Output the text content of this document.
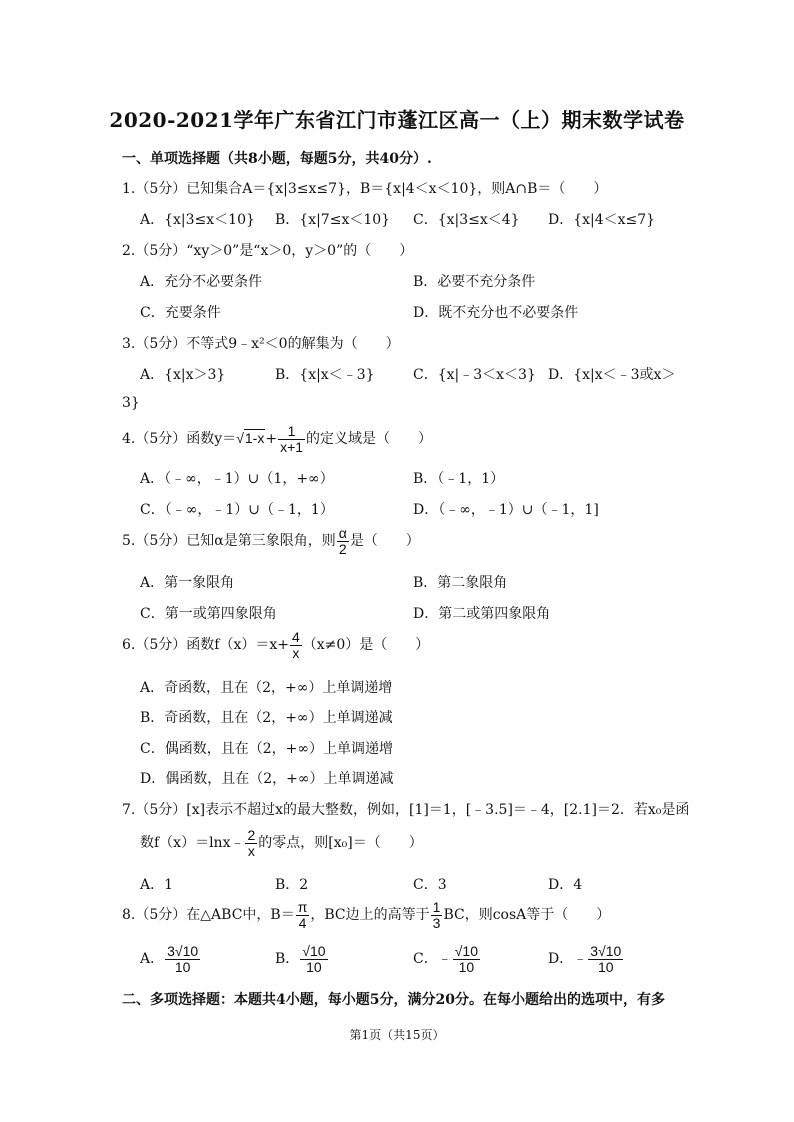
2020-2021学年广东省江门市蓬江区高一（上）期末数学试卷
一、单项选择题（共8小题，每题5分，共40分）.
1.（5分）已知集合A＝{x|3≤x≤7}，B＝{x|4＜x＜10}，则A∩B＝（　　）
A．{x|3≤x＜10} B．{x|7≤x＜10} C．{x|3≤x＜4} D．{x|4＜x≤7}
2.（5分）“xy＞0”是“x＞0，y＞0”的（　　）
A．充分不必要条件	B．必要不充分条件
C．充要条件	D．既不充分也不必要条件
3.（5分）不等式9﹣x²＜0的解集为（　　）
A．{x|x＞3}	B．{x|x＜﹣3}	C．{x|﹣3＜x＜3} D．{x|x＜﹣3或x＞
3}
4.（5分）函数$y=√1-x+ \frac{1}{x+1}$ 的定义域是（　　）
A．（﹣∞，﹣1）∪（1，+∞）	B．（﹣1，1）
C．（﹣∞，﹣1）∪（﹣1，1）	D．（﹣∞，﹣1）∪（﹣1，1]
5.（5分）已知α是第三象限角，则 $\frac{\alpha}{2}$ 是（　　）
A．第一象限角	B．第二象限角
C．第一或第四象限角	D．第二或第四象限角
6.（5分）函数$f(x)=x+ \frac{4}{x} (x\ne 0)$是（　　）
A．奇函数，且在（2，+∞）上单调递增
B．奇函数，且在（2，+∞）上单调递减
C．偶函数，且在（2，+∞）上单调递增
D．偶函数，且在（2，+∞）上单调递减
7.（5分）[x]表示不超过x的最大整数，例如，[1]＝1，[﹣3.5]＝﹣4，[2.1]＝2．若x₀是函
数f（x）＝lnx﹣ $\frac{2}{x}$ 的零点，则[x₀]＝（　　）
A．1	B．2	C．3	D．4
8.（5分）在△ABC中，$B= \frac{\pi}{4}$ ，BC边上的高等于 $\frac{1}{3}$ BC，则cosA等于（　　）
A． $\frac{3√10}{10}$	B． $\frac{√10}{10}$	C．﹣ $\frac{√10}{10}$	D．﹣ $\frac{3√10}{10}$
二、多项选择题：本题共4小题，每小题5分，满分20分。在每小题给出的选项中，有多
第1页（共15页）
